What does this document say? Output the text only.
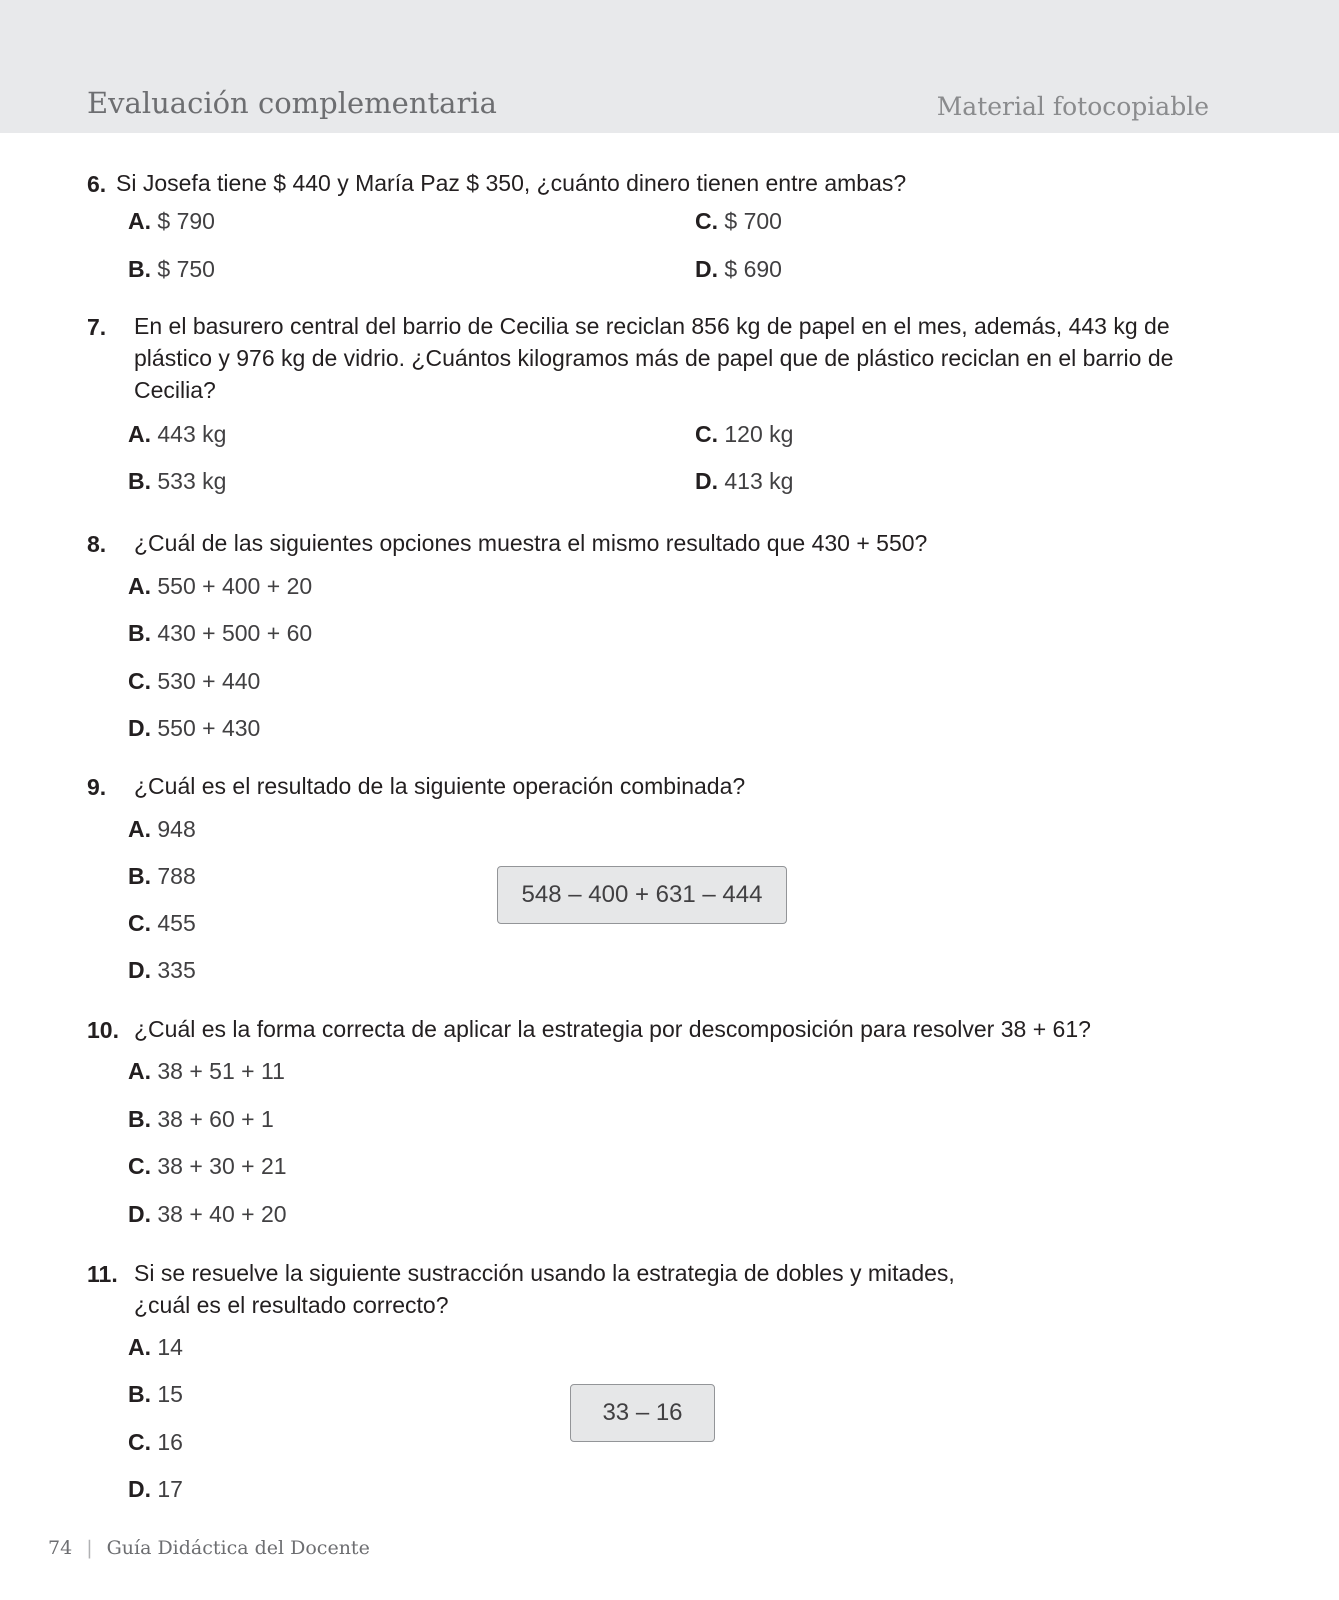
Evaluación complementaria	Material fotocopiable
6. Si Josefa tiene $ 440 y María Paz $ 350, ¿cuánto dinero tienen entre ambas?
A. $ 790
B. $ 750
C. $ 700
D. $ 690
7. En el basurero central del barrio de Cecilia se reciclan 856 kg de papel en el mes, además, 443 kg de plástico y 976 kg de vidrio. ¿Cuántos kilogramos más de papel que de plástico reciclan en el barrio de Cecilia?
A. 443 kg
B. 533 kg
C. 120 kg
D. 413 kg
8. ¿Cuál de las siguientes opciones muestra el mismo resultado que 430 + 550?
A. 550 + 400 + 20
B. 430 + 500 + 60
C. 530 + 440
D. 550 + 430
9. ¿Cuál es el resultado de la siguiente operación combinada?
A. 948
B. 788
C. 455
D. 335
548 – 400 + 631 – 444
10. ¿Cuál es la forma correcta de aplicar la estrategia por descomposición para resolver 38 + 61?
A. 38 + 51 + 11
B. 38 + 60 + 1
C. 38 + 30 + 21
D. 38 + 40 + 20
11. Si se resuelve la siguiente sustracción usando la estrategia de dobles y mitades,
¿cuál es el resultado correcto?
A. 14
B. 15
C. 16
D. 17
33 – 16
74 | Guía Didáctica del Docente
